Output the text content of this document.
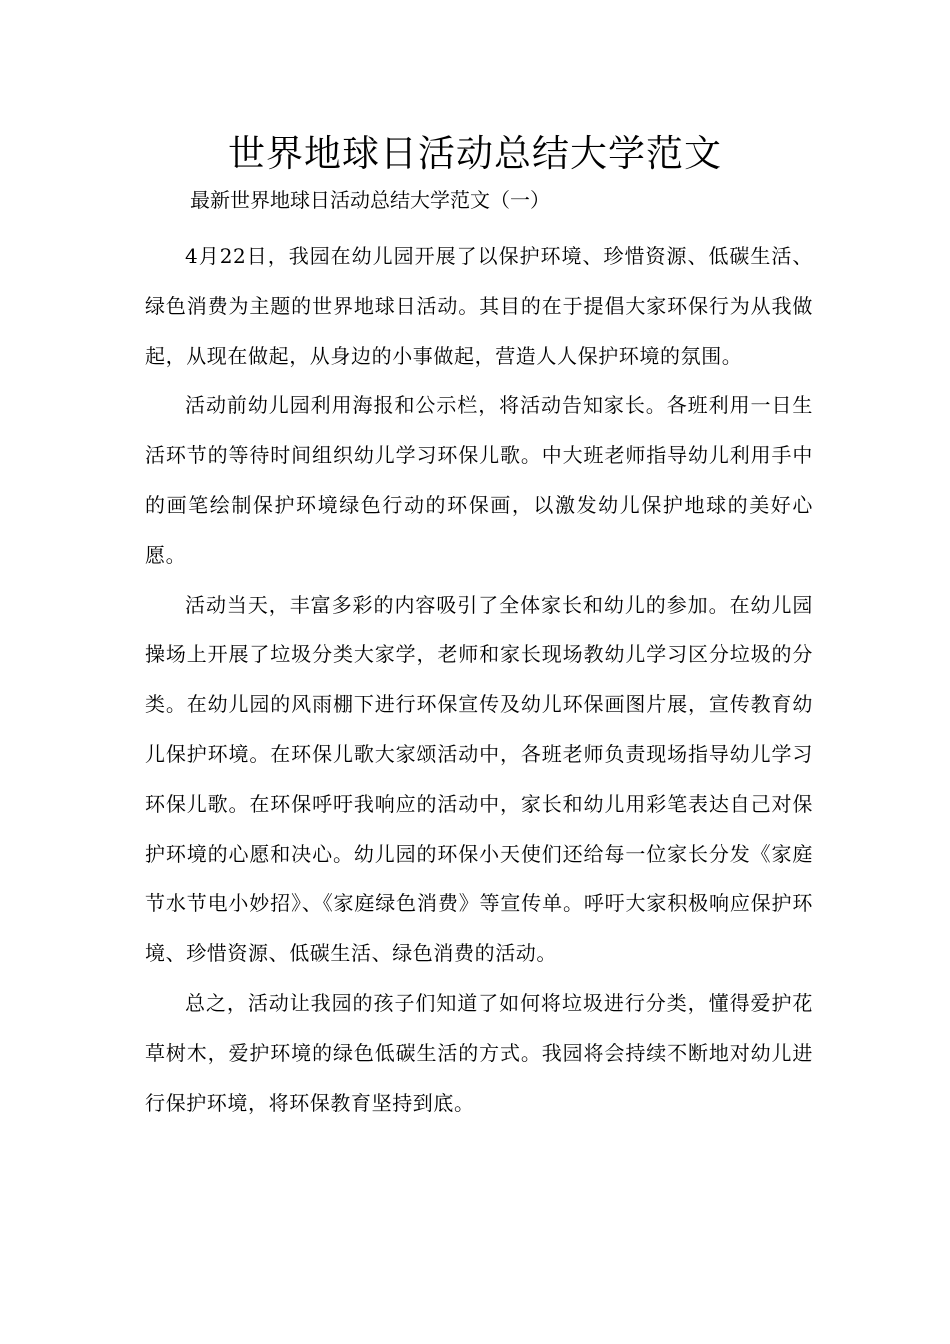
世界地球日活动总结大学范文

最新世界地球日活动总结大学范文（一）

4月22日，我园在幼儿园开展了以保护环境、珍惜资源、低碳生活、绿色消费为主题的世界地球日活动。其目的在于提倡大家环保行为从我做起，从现在做起，从身边的小事做起，营造人人保护环境的氛围。

活动前幼儿园利用海报和公示栏，将活动告知家长。各班利用一日生活环节的等待时间组织幼儿学习环保儿歌。中大班老师指导幼儿利用手中的画笔绘制保护环境绿色行动的环保画，以激发幼儿保护地球的美好心愿。

活动当天，丰富多彩的内容吸引了全体家长和幼儿的参加。在幼儿园操场上开展了垃圾分类大家学，老师和家长现场教幼儿学习区分垃圾的分类。在幼儿园的风雨棚下进行环保宣传及幼儿环保画图片展，宣传教育幼儿保护环境。在环保儿歌大家颂活动中，各班老师负责现场指导幼儿学习环保儿歌。在环保呼吁我响应的活动中，家长和幼儿用彩笔表达自己对保护环境的心愿和决心。幼儿园的环保小天使们还给每一位家长分发《家庭节水节电小妙招》、《家庭绿色消费》等宣传单。呼吁大家积极响应保护环境、珍惜资源、低碳生活、绿色消费的活动。

总之，活动让我园的孩子们知道了如何将垃圾进行分类，懂得爱护花草树木，爱护环境的绿色低碳生活的方式。我园将会持续不断地对幼儿进行保护环境，将环保教育坚持到底。
